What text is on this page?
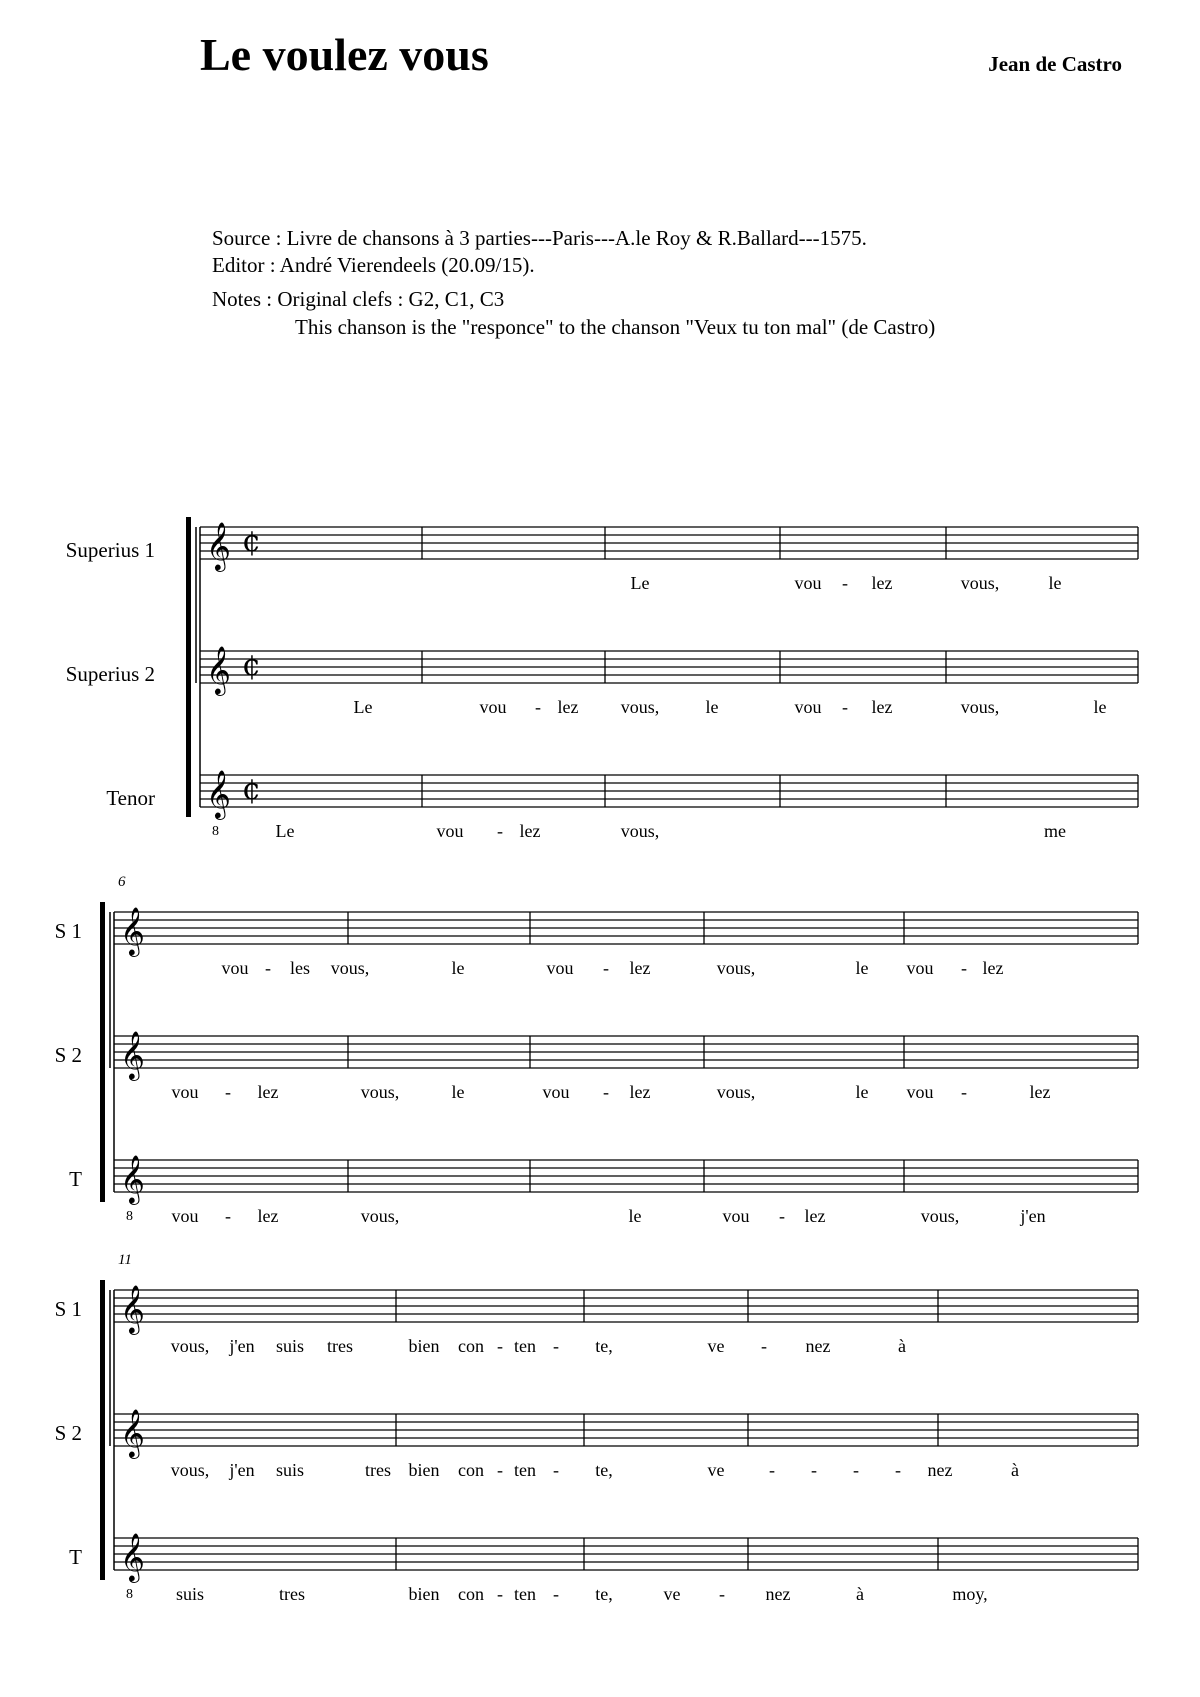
Le voulez vous	Jean de Castro
Source : Livre de chansons à 3 parties---Paris---A.le Roy & R.Ballard---1575.
Editor : André Vierendeels (20.09/15).
Notes : Original clefs : G2, C1, C3
This chanson is the "responce" to the chanson "Veux tu ton mal" (de Castro)
Superius 1
Superius 2
Tenor
S 1
S 2
T
S 1
S 2
T
6
11
𝄞 ¢
Le	vou - lez	vous,	le
𝄞 ¢
Le	vou - lez vous,	le	vou - lez	vous,	le
𝄞
8
¢
Le	vou - lez	vous,	me
𝄞
vou - les vous,	le	vou - lez	vous,	le vou - lez
𝄞
vou - lez	vous,	le	vou - lez	vous,	le vou -	lez
𝄞
8 vou - lez	vous,	le	vou - lez	vous,	j'en
𝄞
vous, j'en suis tres	bien con - ten - te,	ve - nez	à
𝄞
vous, j'en suis	tres bien con - ten - te,	ve - - - - nez	à
𝄞
8 suis	tres	bien con - ten - te,	ve - nez	à	moy,
